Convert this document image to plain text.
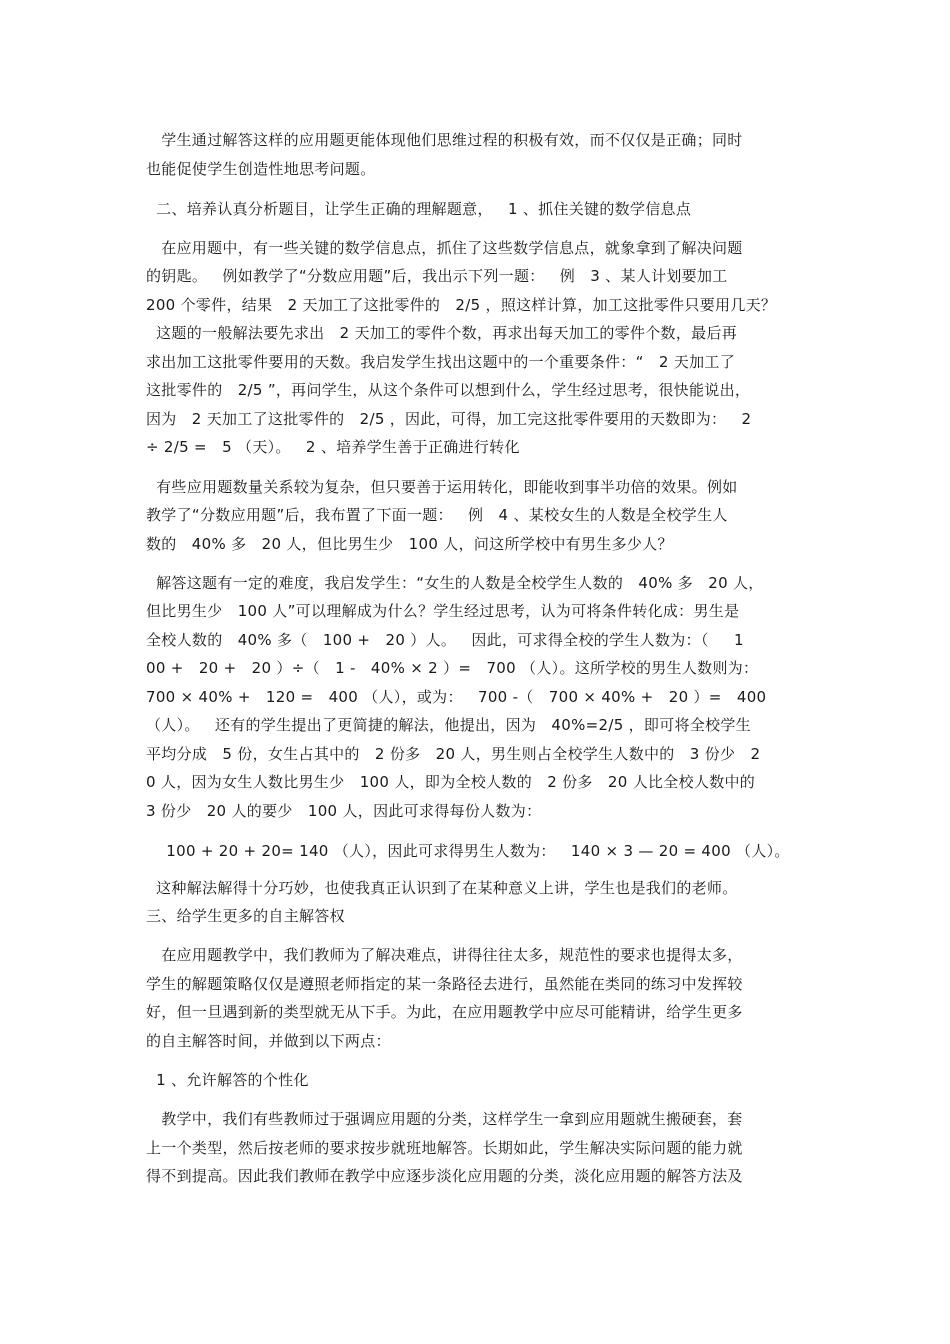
学生通过解答这样的应用题更能体现他们思维过程的积极有效，而不仅仅是正确；同时
也能促使学生创造性地思考问题。
二、培养认真分析题目，让学生正确的理解题意，   1 、抓住关键的数学信息点
在应用题中，有一些关键的数学信息点，抓住了这些数学信息点，就象拿到了解决问题
的钥匙。   例如教学了“分数应用题”后，我出示下列一题：   例   3 、某人计划要加工
200 个零件，结果   2 天加工了这批零件的   2/5 ，照这样计算，加工这批零件只要用几天？
这题的一般解法要先求出   2 天加工的零件个数，再求出每天加工的零件个数，最后再
求出加工这批零件要用的天数。我启发学生找出这题中的一个重要条件：“   2 天加工了
这批零件的   2/5 ”，再问学生，从这个条件可以想到什么，学生经过思考，很快能说出，
因为   2 天加工了这批零件的   2/5 ，因此，可得，加工完这批零件要用的天数即为：   2
÷ 2/5 =   5 （天）。   2 、培养学生善于正确进行转化
有些应用题数量关系较为复杂，但只要善于运用转化，即能收到事半功倍的效果。例如
教学了“分数应用题”后，我布置了下面一题：   例   4 、某校女生的人数是全校学生人
数的   40% 多   20 人，但比男生少   100 人，问这所学校中有男生多少人？
解答这题有一定的难度，我启发学生：“女生的人数是全校学生人数的   40% 多   20 人，
但比男生少   100 人”可以理解成为什么？学生经过思考，认为可将条件转化成：男生是
全校人数的   40% 多（   100 +   20 ）人。   因此，可求得全校的学生人数为：（     1
00 +   20 +   20 ）÷（   1 -   40% × 2 ）=   700 （人）。这所学校的男生人数则为：
700 × 40% +   120 =   400 （人），或为：   700 -（   700 × 40% +   20 ）=   400
（人）。   还有的学生提出了更简捷的解法，他提出，因为   40%=2/5 ，即可将全校学生
平均分成   5 份，女生占其中的   2 份多   20 人，男生则占全校学生人数中的   3 份少   2
0 人，因为女生人数比男生少   100 人，即为全校人数的   2 份多   20 人比全校人数中的
3 份少   20 人的要少   100 人，因此可求得每份人数为：
100 + 20 + 20= 140 （人），因此可求得男生人数为：   140 × 3 — 20 = 400 （人）。
这种解法解得十分巧妙，也使我真正认识到了在某种意义上讲，学生也是我们的老师。
三、给学生更多的自主解答权
在应用题教学中，我们教师为了解决难点，讲得往往太多，规范性的要求也提得太多，
学生的解题策略仅仅是遵照老师指定的某一条路径去进行，虽然能在类同的练习中发挥较
好，但一旦遇到新的类型就无从下手。为此，在应用题教学中应尽可能精讲，给学生更多
的自主解答时间，并做到以下两点：
1 、允许解答的个性化
教学中，我们有些教师过于强调应用题的分类，这样学生一拿到应用题就生搬硬套，套
上一个类型，然后按老师的要求按步就班地解答。长期如此，学生解决实际问题的能力就
得不到提高。因此我们教师在教学中应逐步淡化应用题的分类，淡化应用题的解答方法及
